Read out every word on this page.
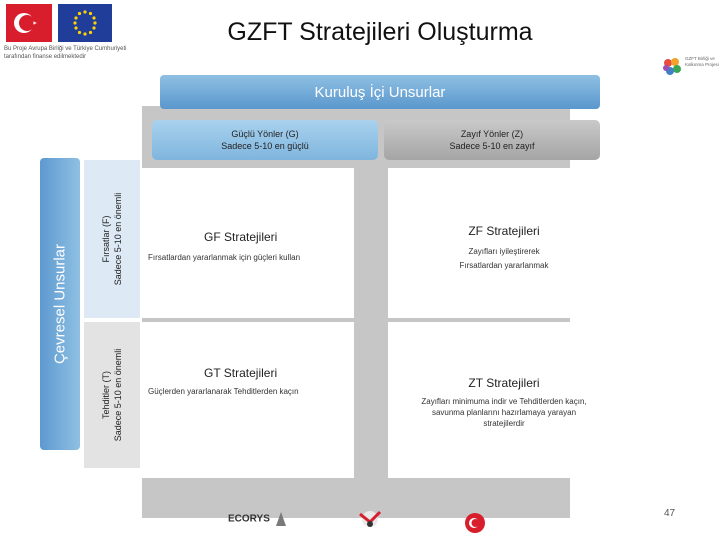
Bu Proje Avrupa Birliği ve Türkiye Cumhuriyeti tarafından finanse edilmektedir
GZFT Stratejileri Oluşturma
GZFT Birliği ve Kalkınma Projesi
Kuruluş İçi Unsurlar
Güçlü Yönler (G)
Sadece 5-10 en güçlü
Zayıf Yönler (Z)
Sadece 5-10 en zayıf
Çevresel Unsurlar
Fırsatlar (F) Sadece 5-10 en önemli
Tehditler (T) Sadece 5-10 en önemli
GF Stratejileri
Fırsatlardan yararlanmak için güçleri kullan
ZF Stratejileri
Zayıfları iyileştirerek
Fırsatlardan yararlanmak
GT Stratejileri
Güçlerden yararlanarak Tehditlerden kaçın
ZT Stratejileri
Zayıfları minimuma indir ve Tehditlerden kaçın,
savunma planlarını hazırlamaya yarayan
stratejilerdir
ECORYS
47
